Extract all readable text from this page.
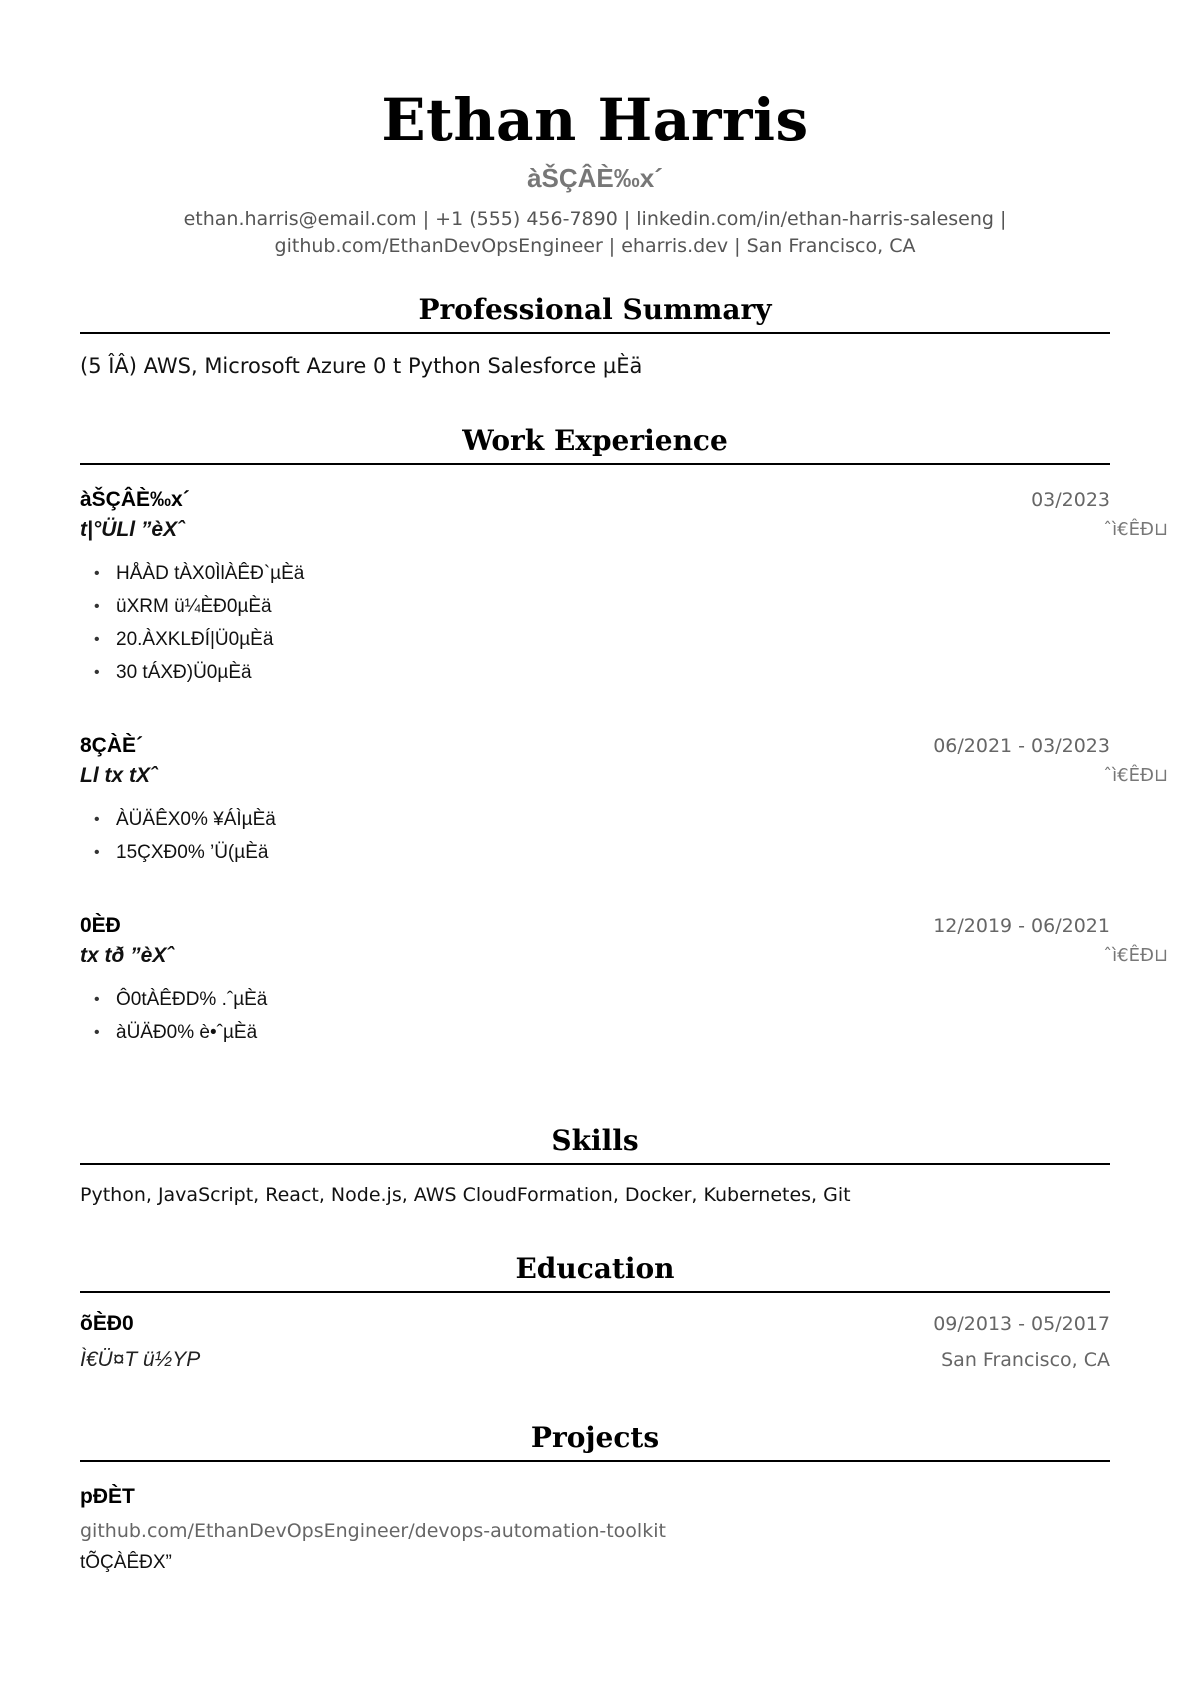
Ethan Harris
àŠÇÂÈ‰x´
ethan.harris@email.com | +1 (555) 456-7890 | linkedin.com/in/ethan-harris-saleseng | github.com/EthanDevOpsEngineer | eharris.dev | San Francisco, CA
Professional Summary
(5 ÎÂ) AWS, Microsoft Azure 0 t Python Salesforce µÈä
Work Experience
àŠÇÂÈ‰x´	03/2023
t|°ÜLl ”èXˆ	ˆì€ÊÐ⊔
• HÅÀD tÀX0ÌlÀÊÐ`µÈä
• üXRM ü¼ÈÐ0µÈä
• 20.ÀXKLÐÍ|Ü0µÈä
• 30 tÁXÐ)Ü0µÈä
8ÇÀÈ´	06/2021 - 03/2023
Ll tx tXˆ	ˆì€ÊÐ⊔
• ÀÜÄÊX0% ¥ÁÌµÈä
• 15ÇXÐ0% ’Ü(µÈä
0ÈÐ	12/2019 - 06/2021
tx tð ”èXˆ	ˆì€ÊÐ⊔
• Ô0tÀÊÐD% .ˆµÈä
• àÜÄÐ0% è•ˆµÈä
Skills
Python, JavaScript, React, Node.js, AWS CloudFormation, Docker, Kubernetes, Git
Education
õÈÐ0	09/2013 - 05/2017
Ì€Ü¤T ü½YP	San Francisco, CA
Projects
pÐÈT
github.com/EthanDevOpsEngineer/devops-automation-toolkit
tÕÇÀÊÐX”
